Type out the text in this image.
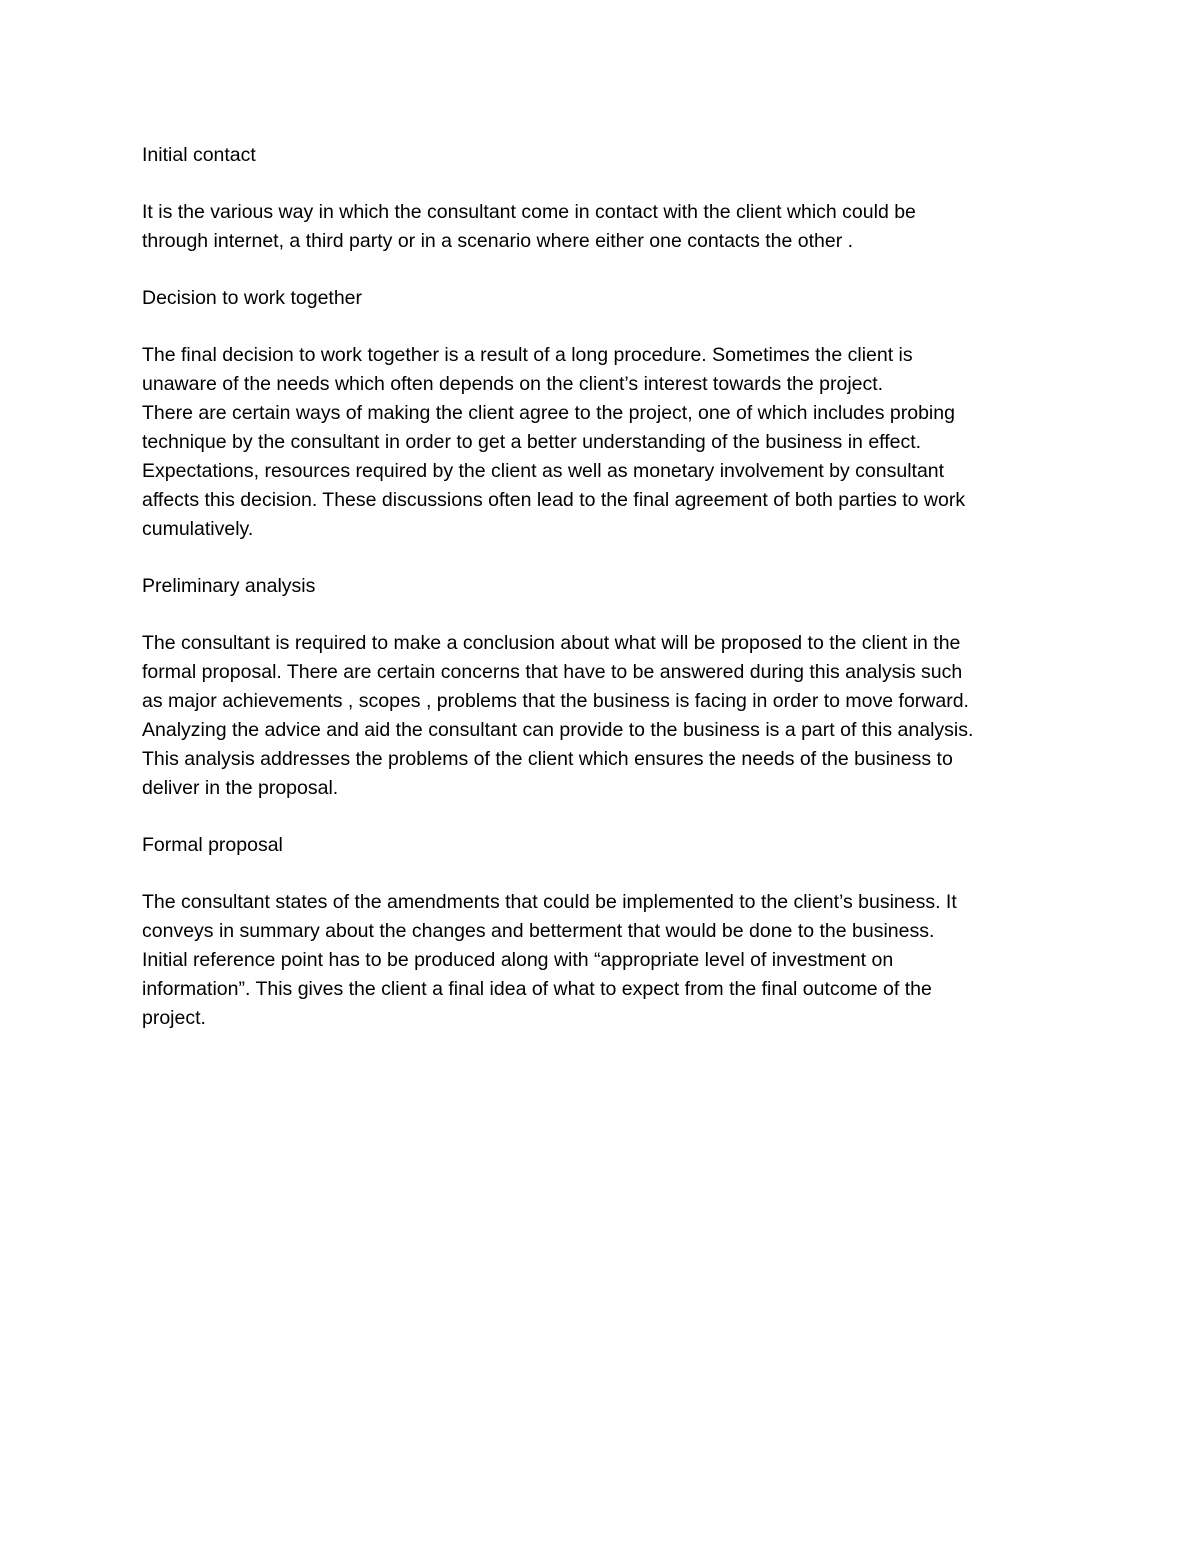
Initial contact
It is the various way in which the consultant come in contact with the client which could be
through internet, a third party or in a scenario where either one contacts the other .
Decision to work together
The final decision to work together is a result of a long procedure. Sometimes the client is
unaware of the needs which often depends on the client’s interest towards the project.
There are certain ways of making the client agree to the project, one of which includes probing
technique by the consultant in order to get a better understanding of the business in effect.
Expectations, resources required by the client as well as monetary involvement by consultant
affects this decision. These discussions often lead to the final agreement of both parties to work
cumulatively.
Preliminary analysis
The consultant is required to make a conclusion about what will be proposed to the client in the
formal proposal. There are certain concerns that have to be answered during this analysis such
as major achievements , scopes , problems that the business is facing in order to move forward.
Analyzing the advice and aid the consultant can provide to the business is a part of this analysis.
This analysis addresses the problems of the client which ensures the needs of the business to
deliver in the proposal.
Formal proposal
The consultant states of the amendments that could be implemented to the client’s business. It
conveys in summary about the changes and betterment that would be done to the business.
Initial reference point has to be produced along with “appropriate level of investment on
information”. This gives the client a final idea of what to expect from the final outcome of the
project.
